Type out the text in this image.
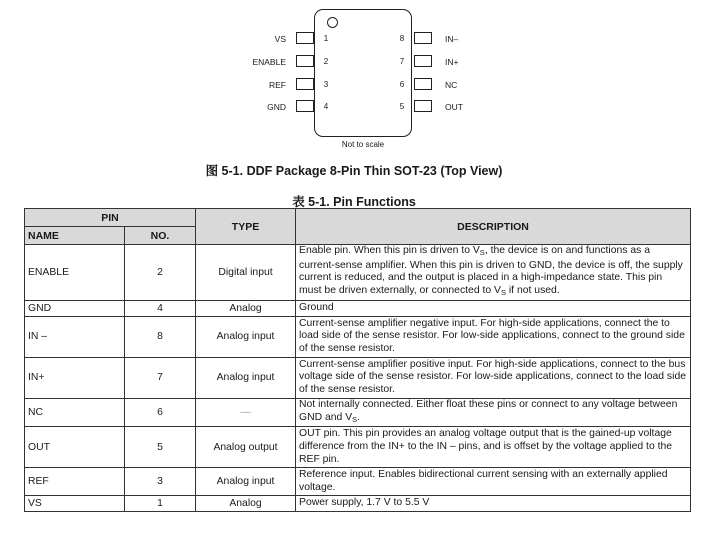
1
2
3
4
VS
ENABLE
REF
GND
8
7
6
5
IN–
IN+
NC
OUT
Not to scale
图 5-1. DDF Package 8-Pin Thin SOT-23 (Top View)
表 5-1. Pin Functions
PIN		TYPE	DESCRIPTION
NAME	NO.		
ENABLE	2	Digital input	Enable pin. When this pin is driven to $V_S$, the device is on and functions as a current-sense amplifier. When this pin is driven to GND, the device is off, the supply current is reduced, and the output is placed in a high-impedance state. This pin must be driven externally, or connected to $V_S$ if not used.
GND	4	Analog	Ground
IN –	8	Analog input	Current-sense amplifier negative input. For high-side applications, connect the to load side of the sense resistor. For low-side applications, connect to the ground side of the sense resistor.
IN+	7	Analog input	Current-sense amplifier positive input. For high-side applications, connect to the bus voltage side of the sense resistor. For low-side applications, connect to the load side of the sense resistor.
NC	6	—	Not internally connected. Either float these pins or connect to any voltage between GND and $V_S$.
OUT	5	Analog output	OUT pin. This pin provides an analog voltage output that is the gained-up voltage difference from the IN+ to the IN – pins, and is offset by the voltage applied to the REF pin.
REF	3	Analog input	Reference input. Enables bidirectional current sensing with an externally applied voltage.
VS	1	Analog	Power supply, 1.7 V to 5.5 V
